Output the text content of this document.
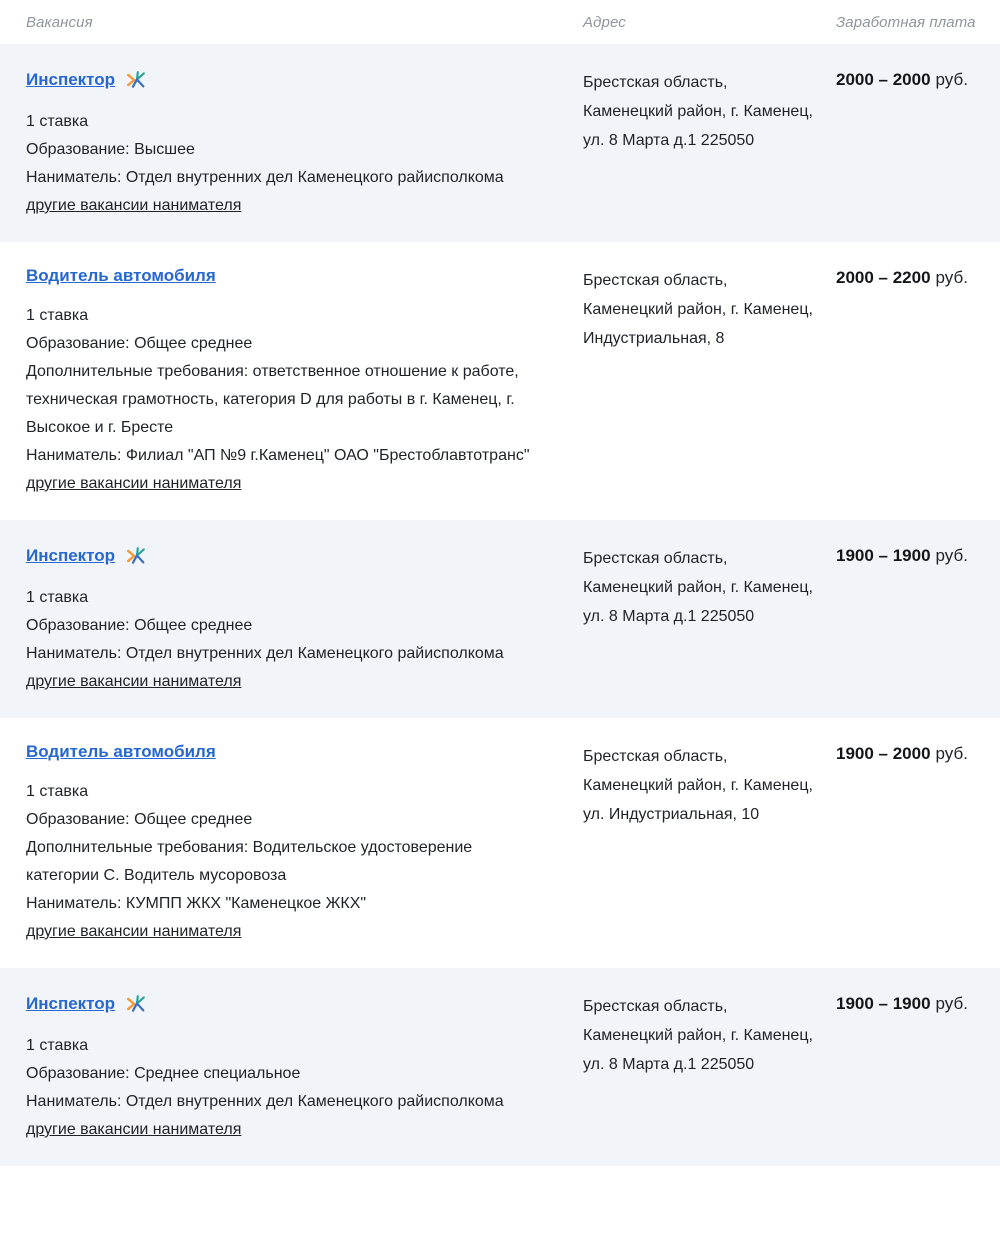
Вакансия	Адрес	Заработная плата
Инспектор
1 ставка
Образование: Высшее
Наниматель: Отдел внутренних дел Каменецкого райисполкома
другие вакансии нанимателя
Брестская область, Каменецкий район, г. Каменец, ул. 8 Марта д.1 225050
2000 – 2000 руб.
Водитель автомобиля
1 ставка
Образование: Общее среднее
Дополнительные требования: ответственное отношение к работе, техническая грамотность, категория D для работы в г. Каменец, г. Высокое и г. Бресте
Наниматель: Филиал "АП №9 г.Каменец" ОАО "Брестоблавтотранс"
другие вакансии нанимателя
Брестская область, Каменецкий район, г. Каменец, Индустриальная, 8
2000 – 2200 руб.
Инспектор
1 ставка
Образование: Общее среднее
Наниматель: Отдел внутренних дел Каменецкого райисполкома
другие вакансии нанимателя
Брестская область, Каменецкий район, г. Каменец, ул. 8 Марта д.1 225050
1900 – 1900 руб.
Водитель автомобиля
1 ставка
Образование: Общее среднее
Дополнительные требования: Водительское удостоверение категории C. Водитель мусоровоза
Наниматель: КУМПП ЖКХ "Каменецкое ЖКХ"
другие вакансии нанимателя
Брестская область, Каменецкий район, г. Каменец, ул. Индустриальная, 10
1900 – 2000 руб.
Инспектор
1 ставка
Образование: Среднее специальное
Наниматель: Отдел внутренних дел Каменецкого райисполкома
другие вакансии нанимателя
Брестская область, Каменецкий район, г. Каменец, ул. 8 Марта д.1 225050
1900 – 1900 руб.
